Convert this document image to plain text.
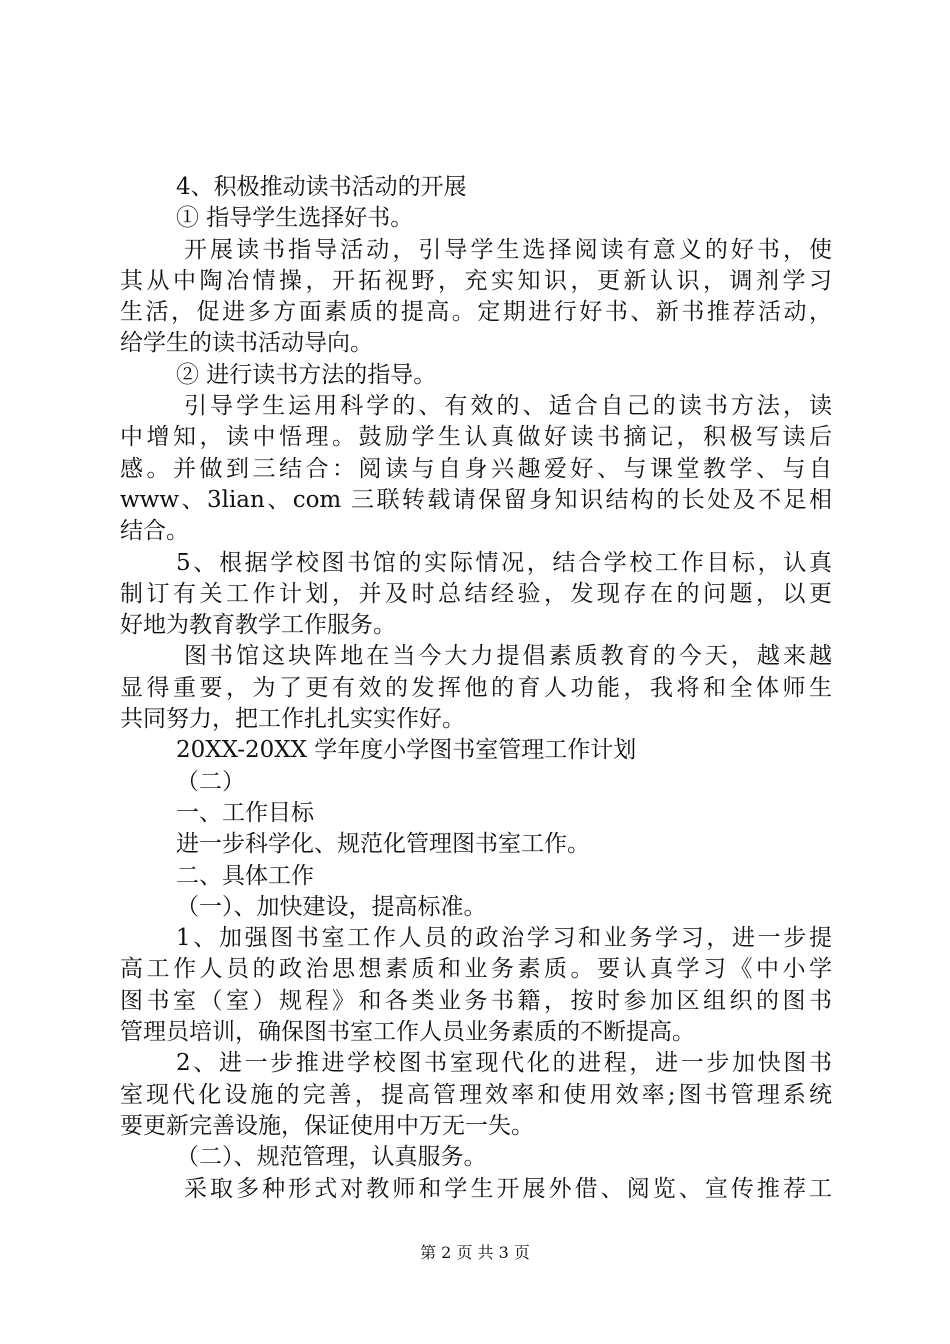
4、积极推动读书活动的开展
① 指导学生选择好书。
开展读书指导活动，引导学生选择阅读有意义的好书，使
其从中陶冶情操，开拓视野，充实知识，更新认识，调剂学习
生活，促进多方面素质的提高。定期进行好书、新书推荐活动，
给学生的读书活动导向。
② 进行读书方法的指导。
引导学生运用科学的、有效的、适合自己的读书方法，读
中增知，读中悟理。鼓励学生认真做好读书摘记，积极写读后
感。并做到三结合：阅读与自身兴趣爱好、与课堂教学、与自
www、3lian、com 三联转载请保留身知识结构的长处及不足相
结合。
5、根据学校图书馆的实际情况，结合学校工作目标，认真
制订有关工作计划，并及时总结经验，发现存在的问题，以更
好地为教育教学工作服务。
图书馆这块阵地在当今大力提倡素质教育的今天，越来越
显得重要，为了更有效的发挥他的育人功能，我将和全体师生
共同努力，把工作扎扎实实作好。
20XX-20XX 学年度小学图书室管理工作计划
（二）
一、工作目标
进一步科学化、规范化管理图书室工作。
二、具体工作
（一）、加快建设，提高标准。
1、加强图书室工作人员的政治学习和业务学习，进一步提
高工作人员的政治思想素质和业务素质。要认真学习《中小学
图书室（室）规程》和各类业务书籍，按时参加区组织的图书
管理员培训，确保图书室工作人员业务素质的不断提高。
2、进一步推进学校图书室现代化的进程，进一步加快图书
室现代化设施的完善，提高管理效率和使用效率;图书管理系统
要更新完善设施，保证使用中万无一失。
（二）、规范管理，认真服务。
采取多种形式对教师和学生开展外借、阅览、宣传推荐工
第 2 页 共 3 页
